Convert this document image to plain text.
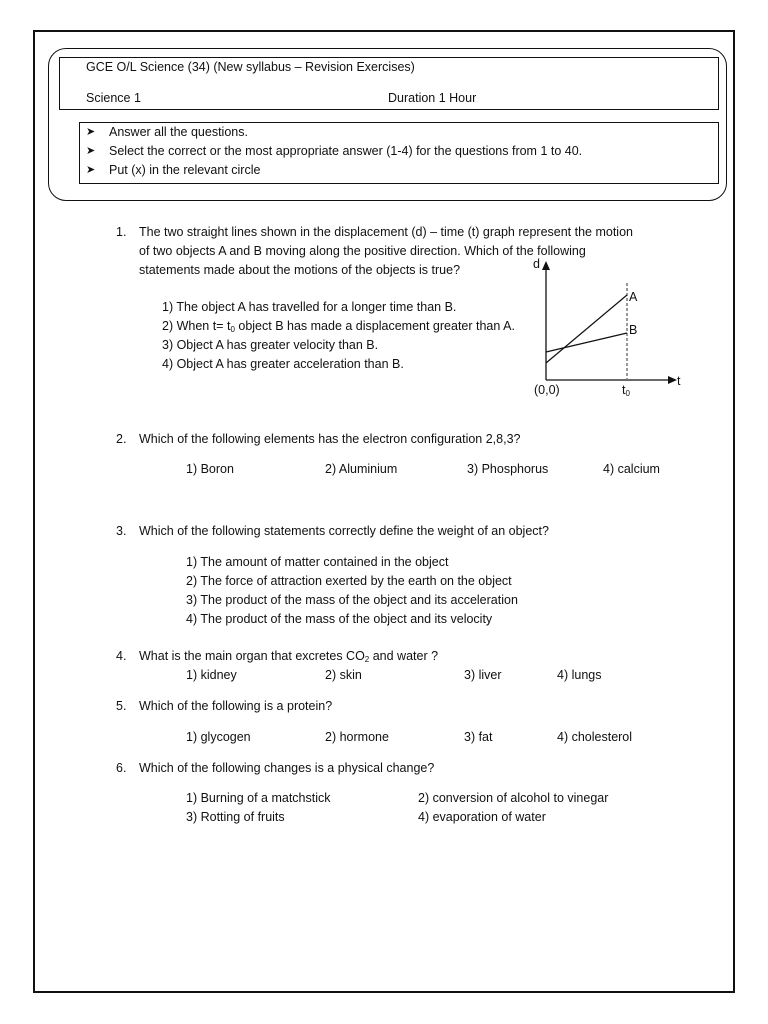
GCE O/L Science (34) (New syllabus – Revision Exercises)
Science 1	Duration 1 Hour
➤ Answer all the questions.
➤ Select the correct or the most appropriate answer (1-4) for the questions from 1 to 40.
➤ Put (x) in the relevant circle
1. The two straight lines shown in the displacement (d) – time (t) graph represent the motion
of two objects A and B moving along the positive direction. Which of the following
statements made about the motions of the objects is true?
1) The object A has travelled for a longer time than B.
2) When $t= t_0$ object B has made a displacement greater than A.
3) Object A has greater velocity than B.
4) Object A has greater acceleration than B.
d
t
A
B
(0,0)	$t_0$
2. Which of the following elements has the electron configuration 2,8,3?
1) Boron	2) Aluminium	3) Phosphorus	4) calcium
3. Which of the following statements correctly define the weight of an object?
1) The amount of matter contained in the object
2) The force of attraction exerted by the earth on the object
3) The product of the mass of the object and its acceleration
4) The product of the mass of the object and its velocity
4. What is the main organ that excretes $CO_2$ and water ?
1) kidney	2) skin	3) liver	4) lungs
5. Which of the following is a protein?
1) glycogen	2) hormone	3) fat	4) cholesterol
6. Which of the following changes is a physical change?
1) Burning of a matchstick	2) conversion of alcohol to vinegar
3) Rotting of fruits	4) evaporation of water
